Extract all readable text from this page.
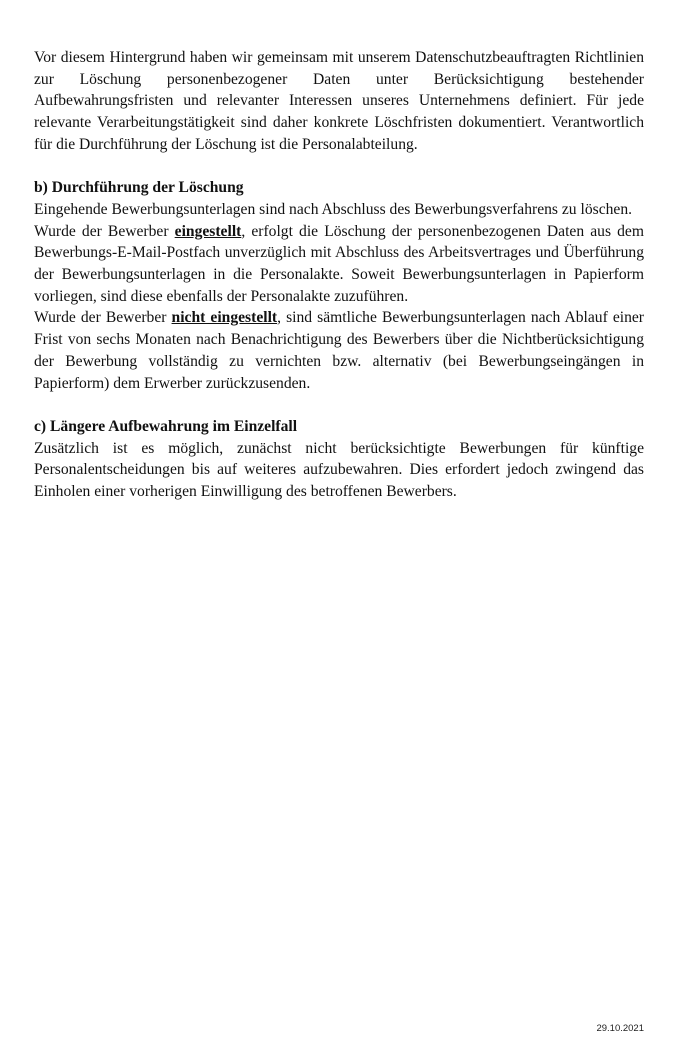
Vor diesem Hintergrund haben wir gemeinsam mit unserem Datenschutzbeauftragten Richtlinien zur Löschung personenbezogener Daten unter Berücksichtigung bestehender Aufbewahrungsfristen und relevanter Interessen unseres Unternehmens definiert. Für jede relevante Verarbeitungstätigkeit sind daher konkrete Löschfristen dokumentiert. Verantwortlich für die Durchführung der Löschung ist die Personalabteilung.

b) Durchführung der Löschung

Eingehende Bewerbungsunterlagen sind nach Abschluss des Bewerbungsverfahrens zu löschen.

Wurde der Bewerber eingestellt, erfolgt die Löschung der personenbezogenen Daten aus dem Bewerbungs-E-Mail-Postfach unverzüglich mit Abschluss des Arbeitsvertrages und Überführung der Bewerbungsunterlagen in die Personalakte. Soweit Bewerbungsunterlagen in Papierform vorliegen, sind diese ebenfalls der Personalakte zuzuführen.

Wurde der Bewerber nicht eingestellt, sind sämtliche Bewerbungsunterlagen nach Ablauf einer Frist von sechs Monaten nach Benachrichtigung des Bewerbers über die Nichtberücksichtigung der Bewerbung vollständig zu vernichten bzw. alternativ (bei Bewerbungseingängen in Papierform) dem Erwerber zurückzusenden.

c) Längere Aufbewahrung im Einzelfall

Zusätzlich ist es möglich, zunächst nicht berücksichtigte Bewerbungen für künftige Personalentscheidungen bis auf weiteres aufzubewahren. Dies erfordert jedoch zwingend das Einholen einer vorherigen Einwilligung des betroffenen Bewerbers.

29.10.2021
